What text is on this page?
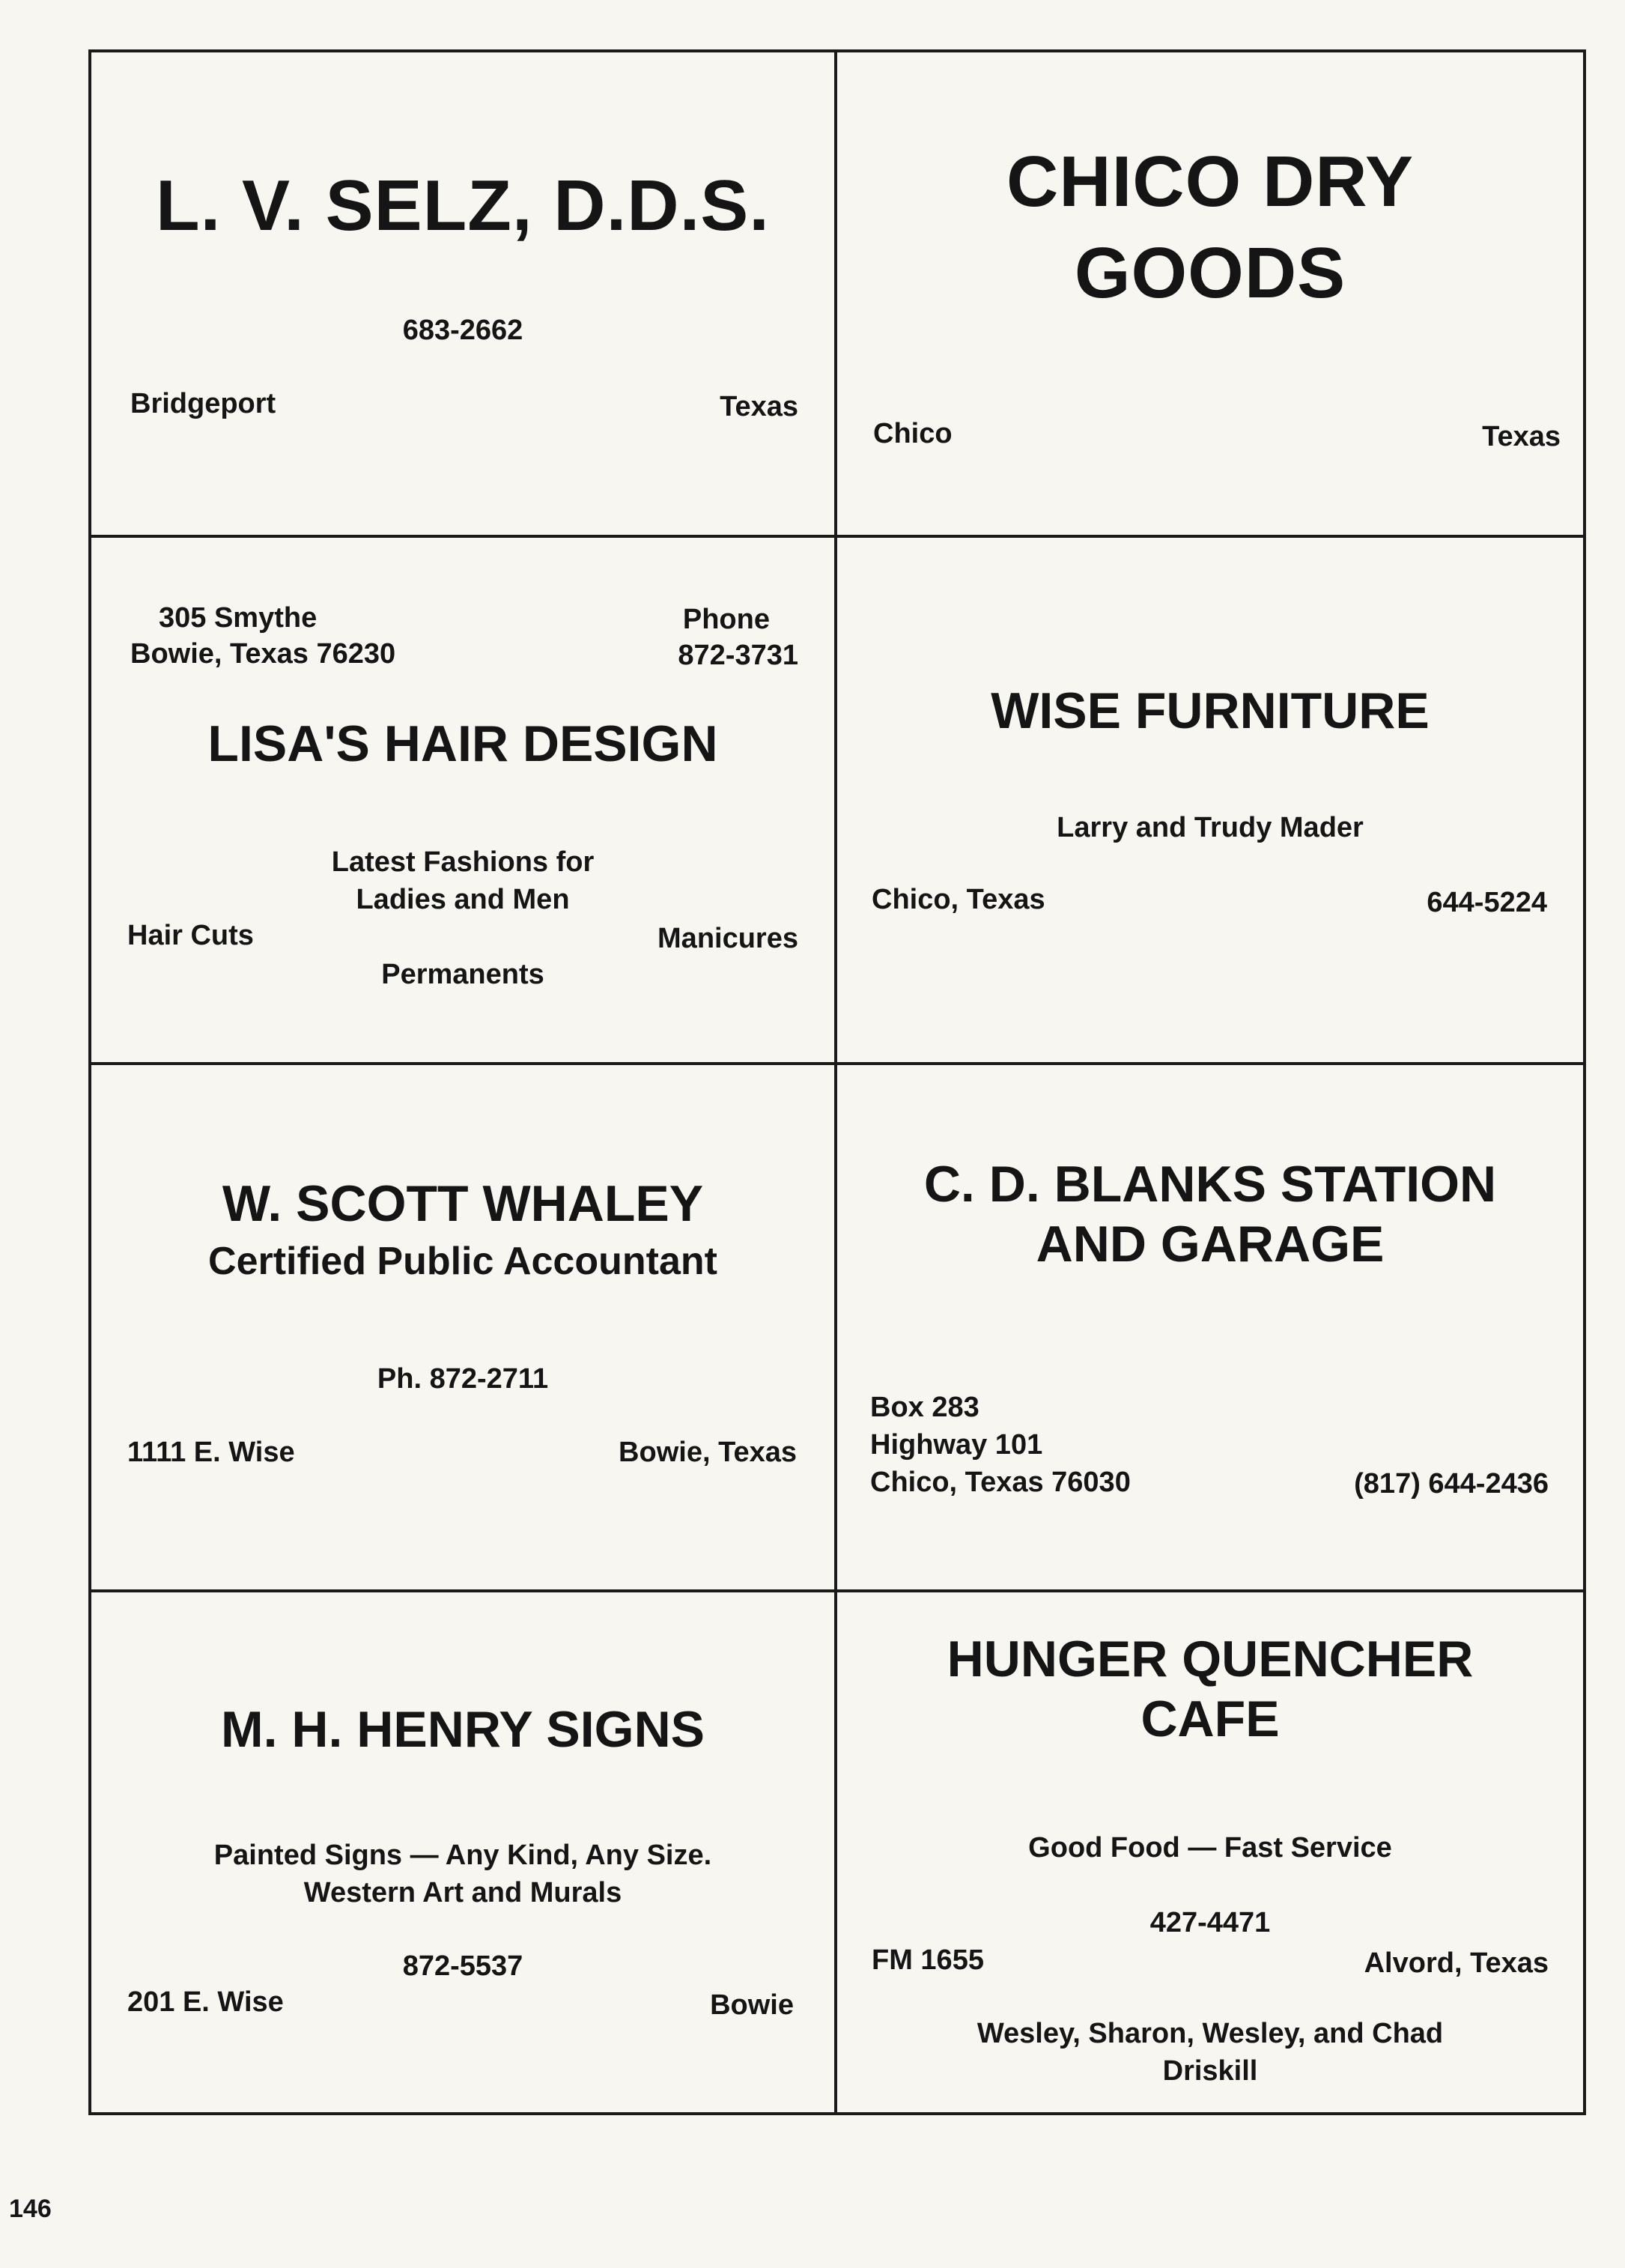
L. V. SELZ, D.D.S.
683-2662
Bridgeport	Texas
CHICO DRY
GOODS
Chico	Texas
305 Smythe
Bowie, Texas 76230
Phone
872-3731
LISA'S HAIR DESIGN
Latest Fashions for
Ladies and Men
Hair Cuts	Manicures
Permanents
WISE FURNITURE
Larry and Trudy Mader
Chico, Texas	644-5224
W. SCOTT WHALEY
Certified Public Accountant
Ph. 872-2711
1111 E. Wise	Bowie, Texas
C. D. BLANKS STATION
AND GARAGE
Box 283
Highway 101
Chico, Texas 76030	(817) 644-2436
M. H. HENRY SIGNS
Painted Signs — Any Kind, Any Size.
Western Art and Murals
872-5537
201 E. Wise	Bowie
HUNGER QUENCHER
CAFE
Good Food — Fast Service
427-4471
FM 1655	Alvord, Texas
Wesley, Sharon, Wesley, and Chad
Driskill
146
